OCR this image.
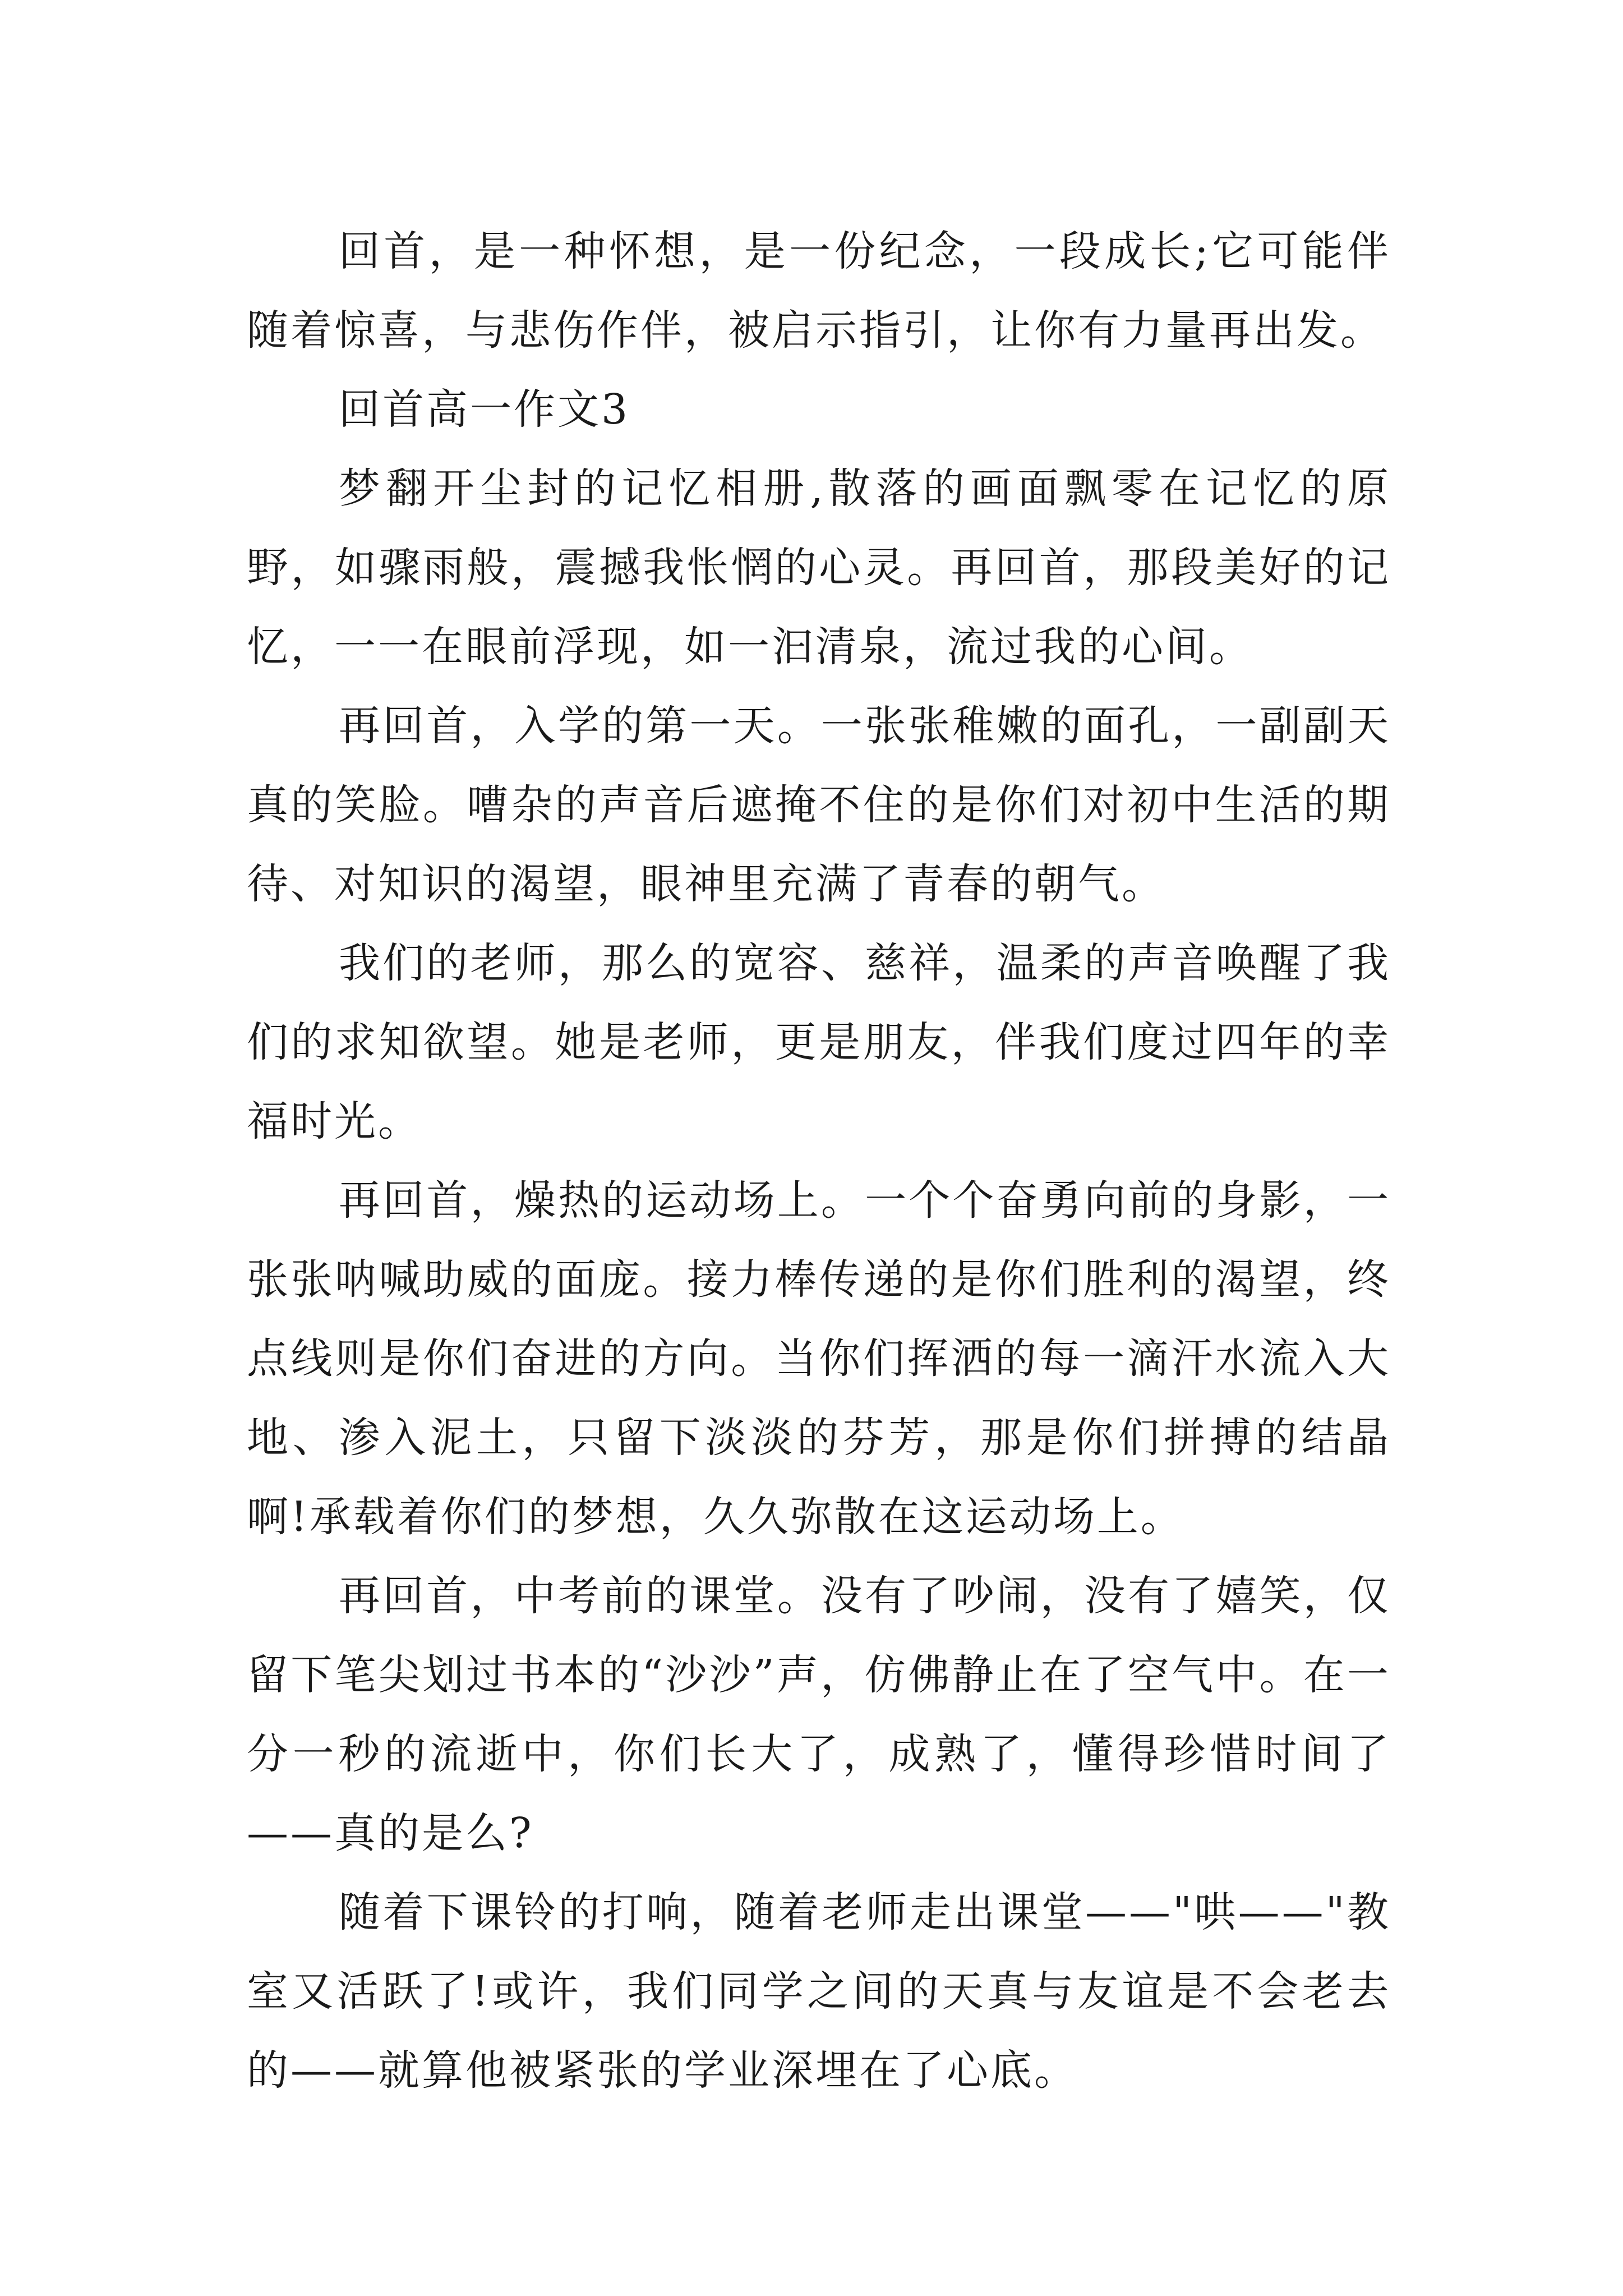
回首，是一种怀想，是一份纪念，一段成长;它可能伴随着惊喜，与悲伤作伴，被启示指引，让你有力量再出发。

回首高一作文3

梦翻开尘封的记忆相册,散落的画面飘零在记忆的原野，如骤雨般，震撼我怅惘的心灵。再回首，那段美好的记忆，一一在眼前浮现，如一汩清泉，流过我的心间。

再回首，入学的第一天。一张张稚嫩的面孔，一副副天真的笑脸。嘈杂的声音后遮掩不住的是你们对初中生活的期待、对知识的渴望，眼神里充满了青春的朝气。

我们的老师，那么的宽容、慈祥，温柔的声音唤醒了我们的求知欲望。她是老师，更是朋友，伴我们度过四年的幸福时光。

再回首，燥热的运动场上。一个个奋勇向前的身影，一张张呐喊助威的面庞。接力棒传递的是你们胜利的渴望，终点线则是你们奋进的方向。当你们挥洒的每一滴汗水流入大地、渗入泥土，只留下淡淡的芬芳，那是你们拼搏的结晶啊!承载着你们的梦想，久久弥散在这运动场上。

再回首，中考前的课堂。没有了吵闹，没有了嬉笑，仅留下笔尖划过书本的“沙沙”声，仿佛静止在了空气中。在一分一秒的流逝中，你们长大了，成熟了，懂得珍惜时间了——真的是么?

随着下课铃的打响，随着老师走出课堂——"哄——"教室又活跃了!或许，我们同学之间的天真与友谊是不会老去的——就算他被紧张的学业深埋在了心底。
